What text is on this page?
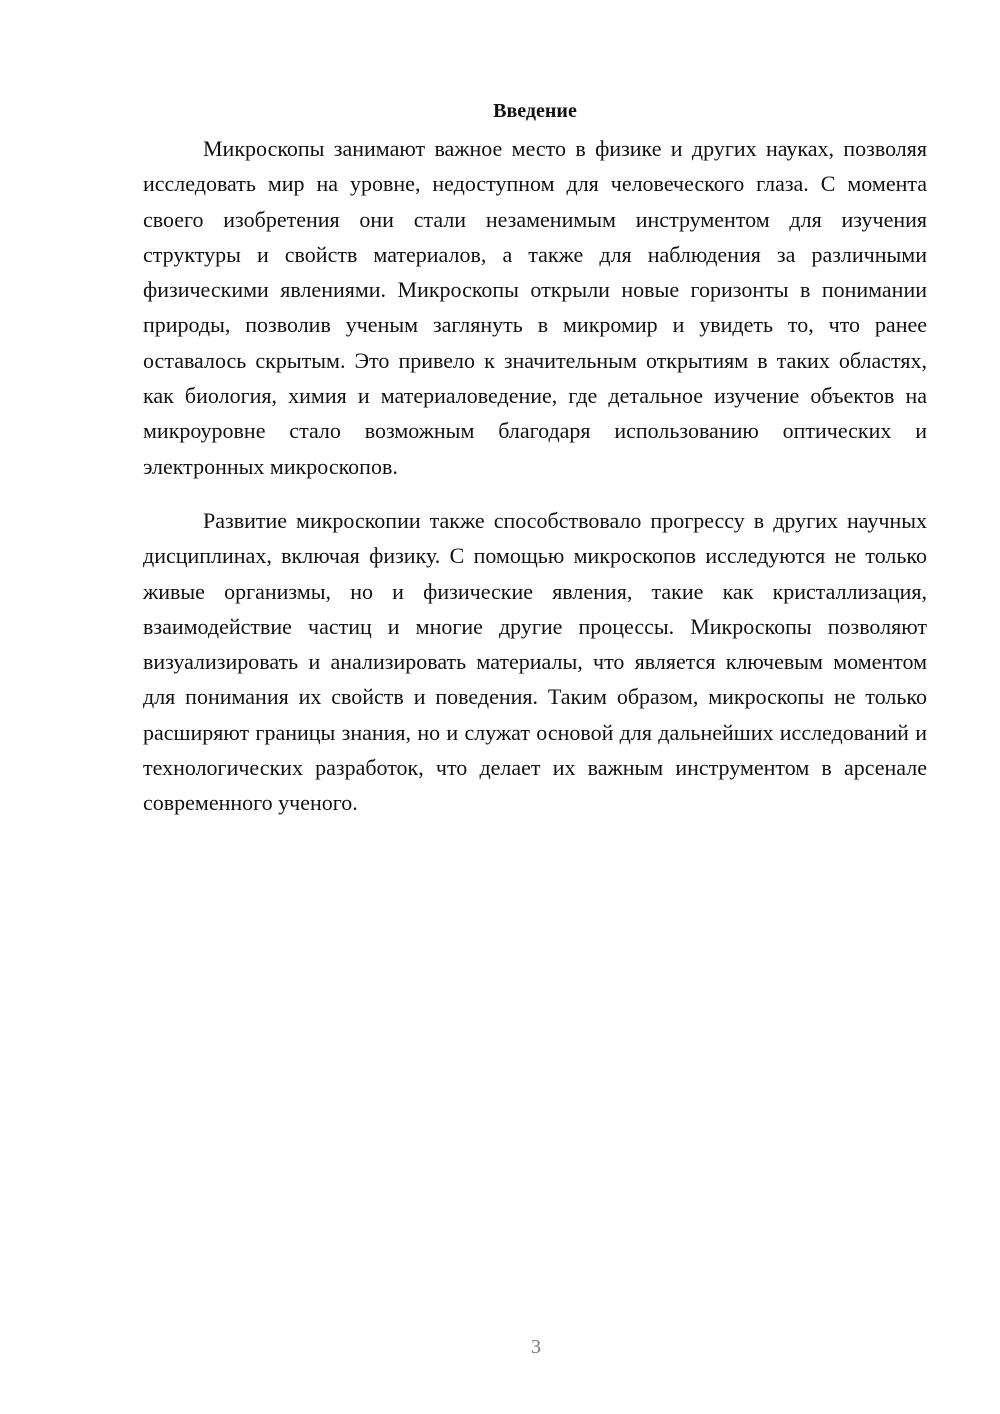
Введение

Микроскопы занимают важное место в физике и других науках, позволяя исследовать мир на уровне, недоступном для человеческого глаза. С момента своего изобретения они стали незаменимым инструментом для изучения структуры и свойств материалов, а также для наблюдения за различными физическими явлениями. Микроскопы открыли новые горизонты в понимании природы, позволив ученым заглянуть в микромир и увидеть то, что ранее оставалось скрытым. Это привело к значительным открытиям в таких областях, как биология, химия и материаловедение, где детальное изучение объектов на микроуровне стало возможным благодаря использованию оптических и электронных микроскопов.

Развитие микроскопии также способствовало прогрессу в других научных дисциплинах, включая физику. С помощью микроскопов исследуются не только живые организмы, но и физические явления, такие как кристаллизация, взаимодействие частиц и многие другие процессы. Микроскопы позволяют визуализировать и анализировать материалы, что является ключевым моментом для понимания их свойств и поведения. Таким образом, микроскопы не только расширяют границы знания, но и служат основой для дальнейших исследований и технологических разработок, что делает их важным инструментом в арсенале современного ученого.

3
